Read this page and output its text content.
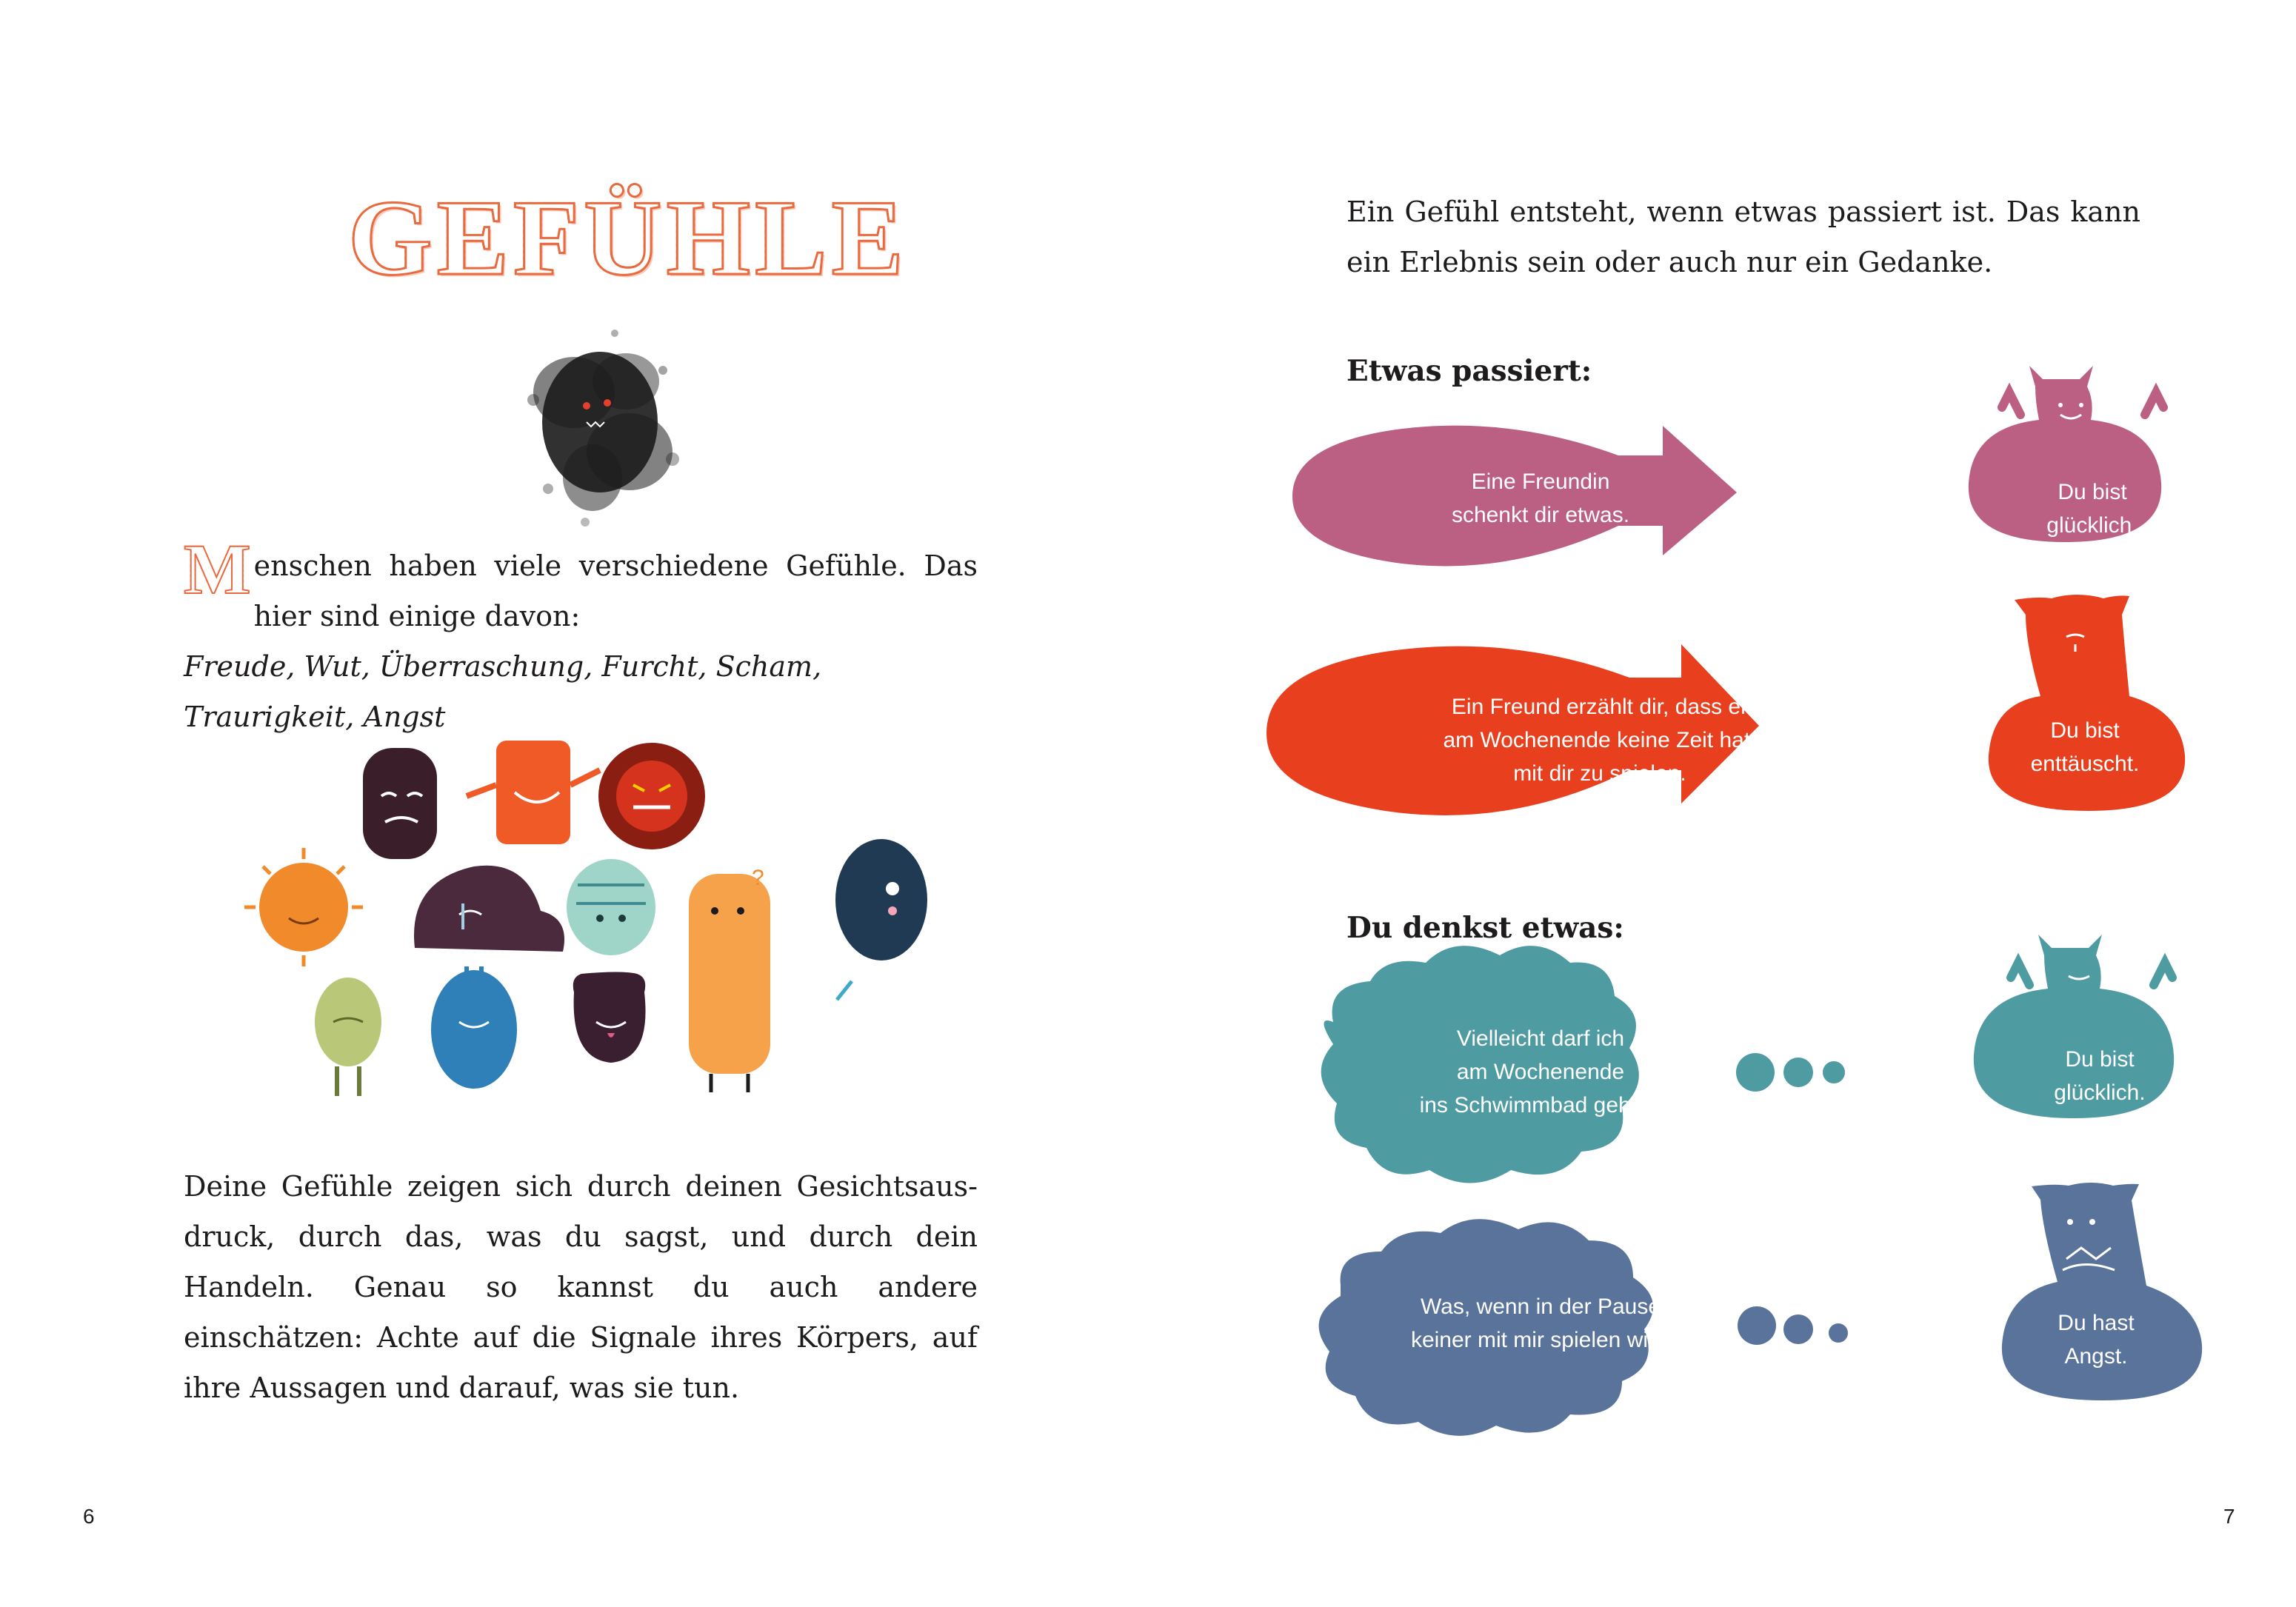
GEFÜHLE
M enschen haben viele verschiedene Gefühle. Das hier sind einige davon:
Freude, Wut, Überraschung, Furcht, Scham, Traurigkeit, Angst
?
Deine Gefühle zeigen sich durch deinen Gesichtsaus-druck, durch das, was du sagst, und durch dein Handeln. Genau so kannst du auch andere einschätzen: Achte auf die Signale ihres Körpers, auf ihre Aussagen und darauf, was sie tun.
6
Ein Gefühl entsteht, wenn etwas passiert ist. Das kann ein Erlebnis sein oder auch nur ein Gedanke.
Etwas passiert:
Du denkst etwas:
Eine Freundin
schenkt dir etwas.
Du bist
glücklich.
Ein Freund erzählt dir, dass er
am Wochenende keine Zeit hat,
mit dir zu spielen.
Du bist
enttäuscht.
Vielleicht darf ich
am Wochenende
ins Schwimmbad gehen!
Du bist
glücklich.
Was, wenn in der Pause
keiner mit mir spielen will?
Du hast
Angst.
7
